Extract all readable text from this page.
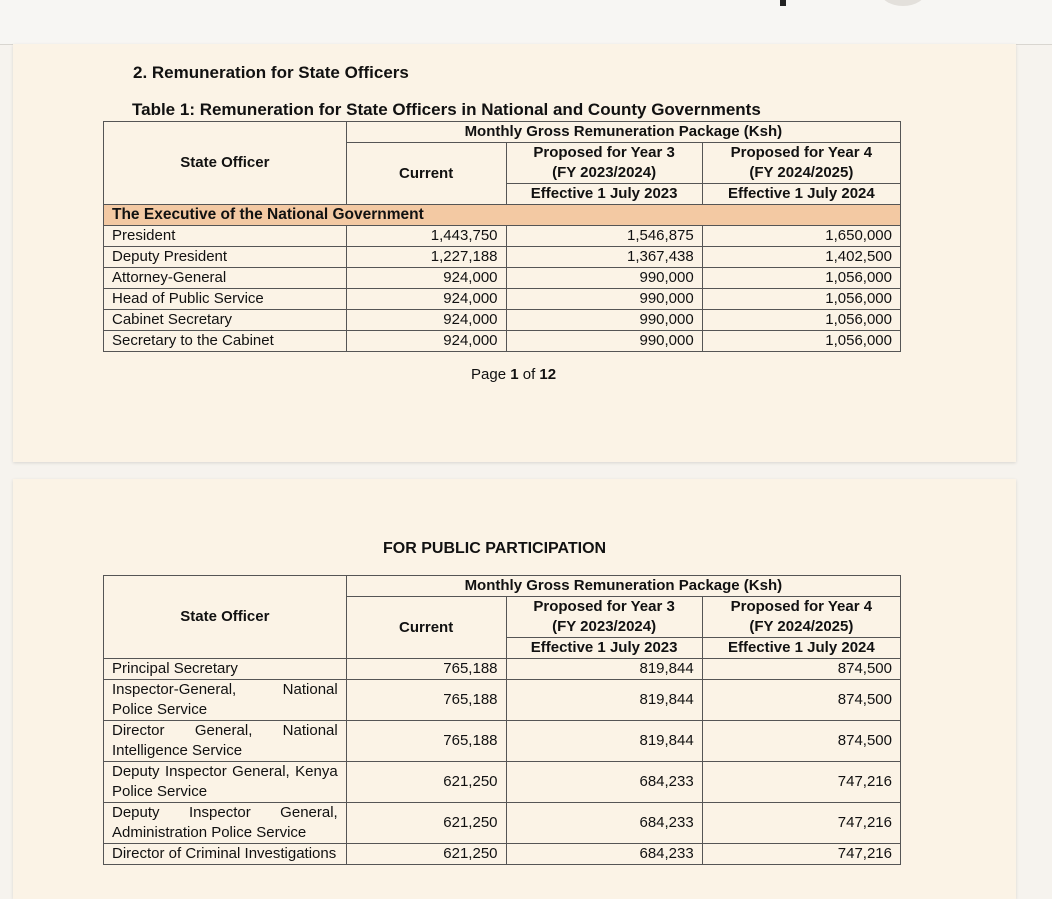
2. Remuneration for State Officers
Table 1: Remuneration for State Officers in National and County Governments
State Officer	Monthly Gross Remuneration Package (Ksh)		
	Current	Proposed for Year 3	Proposed for Year 4
		(FY 2023/2024)	(FY 2024/2025)
		Effective 1 July 2023	Effective 1 July 2024
The Executive of the National Government			
President	1,443,750	1,546,875	1,650,000
Deputy President	1,227,188	1,367,438	1,402,500
Attorney-General	924,000	990,000	1,056,000
Head of Public Service	924,000	990,000	1,056,000
Cabinet Secretary	924,000	990,000	1,056,000
Secretary to the Cabinet	924,000	990,000	1,056,000
Page 1 of 12
FOR PUBLIC PARTICIPATION
State Officer	Monthly Gross Remuneration Package (Ksh)		
	Current	Proposed for Year 3	Proposed for Year 4
		(FY 2023/2024)	(FY 2024/2025)
		Effective 1 July 2023	Effective 1 July 2024
Principal Secretary	765,188	819,844	874,500
Inspector-General, National Police Service	765,188	819,844	874,500
Director General, National Intelligence Service	765,188	819,844	874,500
Deputy Inspector General, Kenya Police Service	621,250	684,233	747,216
Deputy Inspector General, Administration Police Service	621,250	684,233	747,216
Director of Criminal Investigations	621,250	684,233	747,216
